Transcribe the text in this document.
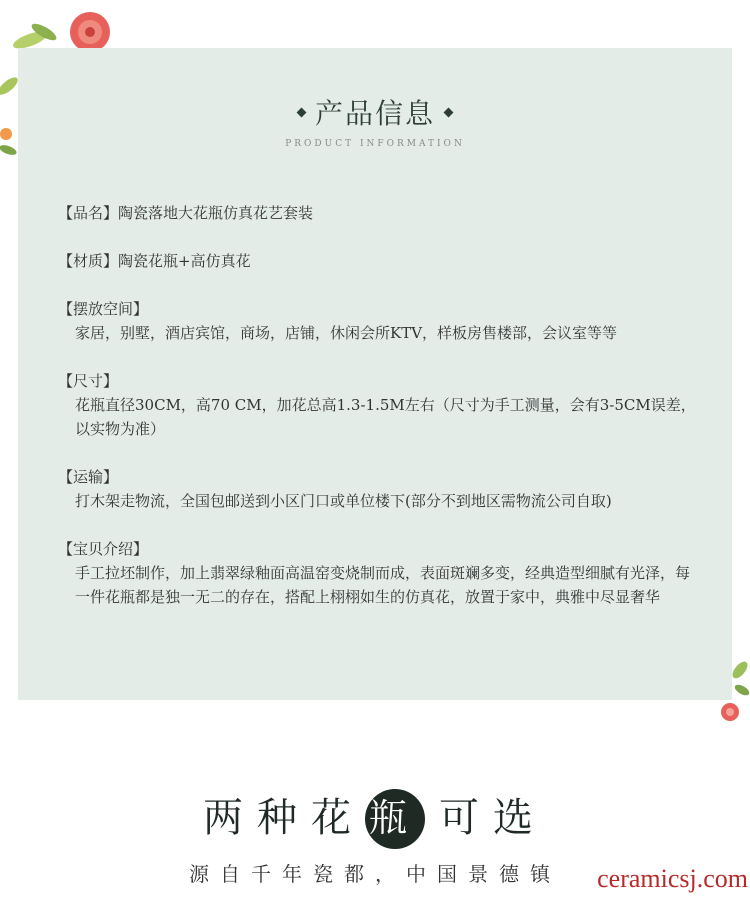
产品信息
PRODUCT INFORMATION
【品名】陶瓷落地大花瓶仿真花艺套装
【材质】陶瓷花瓶+高仿真花
【摆放空间】
家居，别墅，酒店宾馆，商场，店铺，休闲会所KTV，样板房售楼部，会议室等等
【尺寸】
花瓶直径30CM，高70 CM，加花总高1.3-1.5M左右（尺寸为手工测量，会有3-5CM误差，以实物为准）
【运输】
打木架走物流，全国包邮送到小区门口或单位楼下(部分不到地区需物流公司自取)
【宝贝介绍】
手工拉坯制作，加上翡翠绿釉面高温窑变烧制而成，表面斑斓多变，经典造型细腻有光泽，每一件花瓶都是独一无二的存在，搭配上栩栩如生的仿真花，放置于家中，典雅中尽显奢华
两种花 瓶 可选
源自千年瓷都，中国景德镇	ceramicsj.com
